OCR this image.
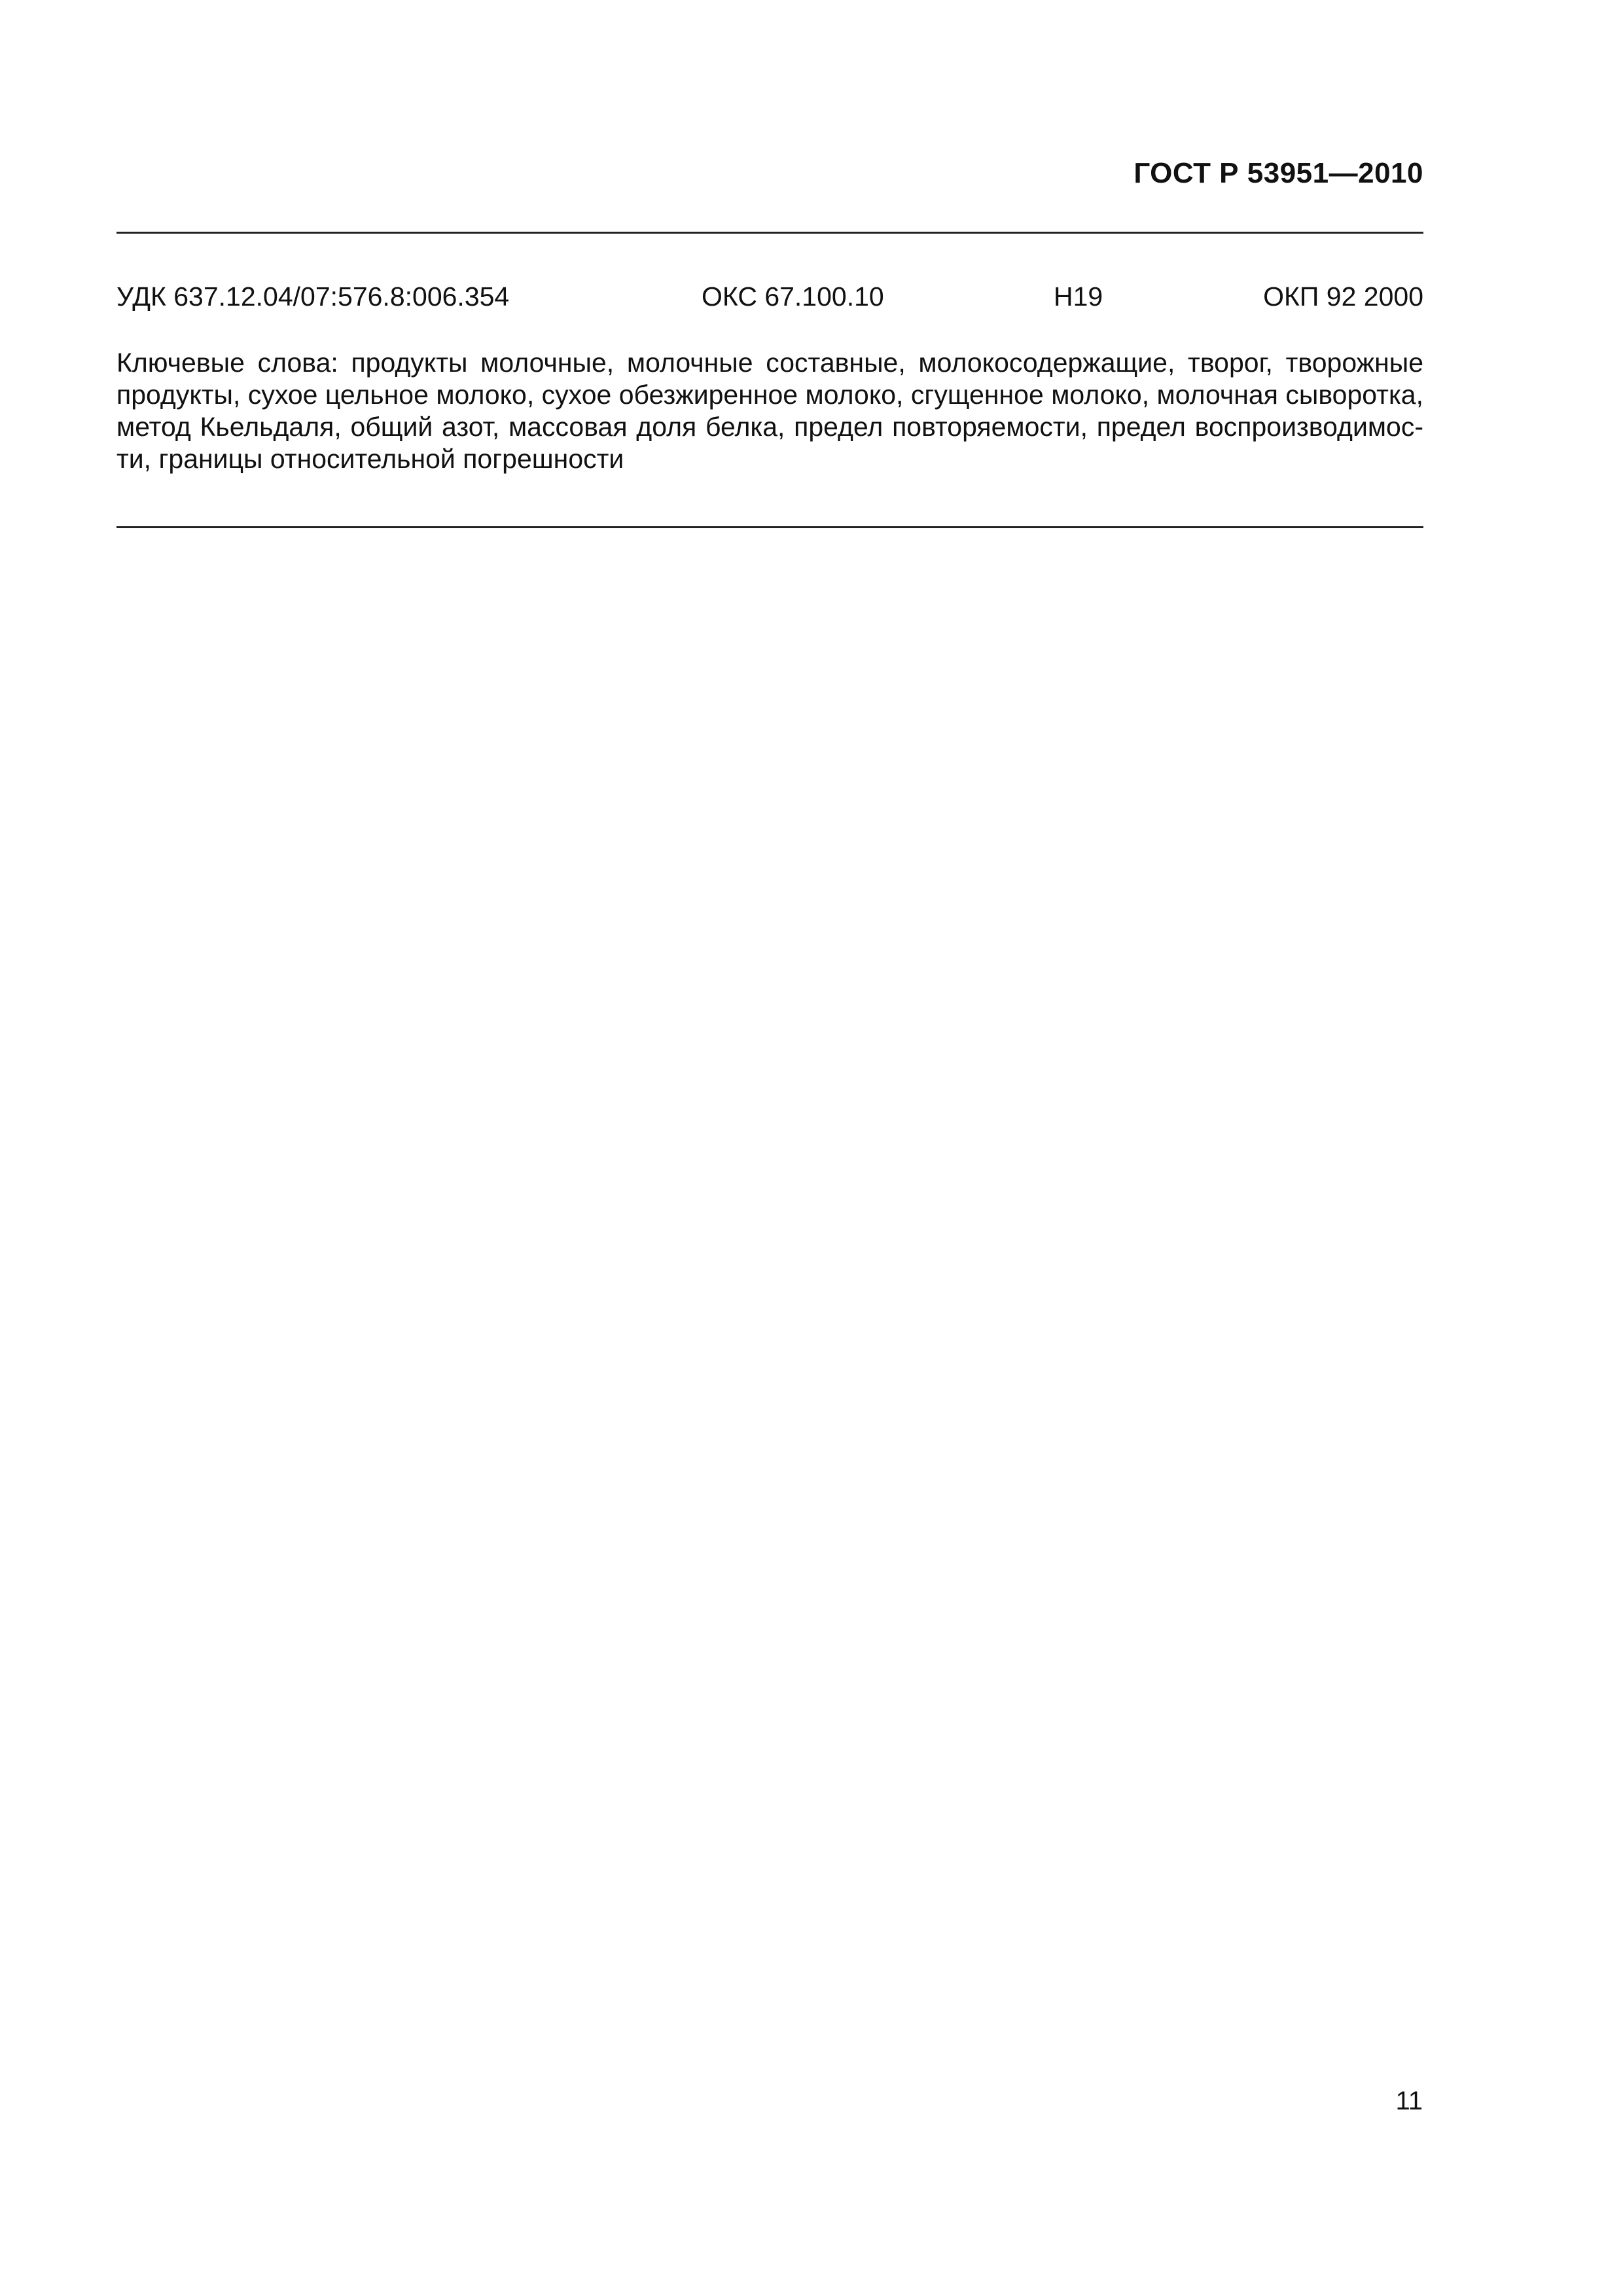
ГОСТ Р 53951—2010
УДК 637.12.04/07:576.8:006.354	ОКС 67.100.10	Н19	ОКП 92 2000
Ключевые слова: продукты молочные, молочные составные, молокосодержащие, творог, творожные продукты, сухое цельное молоко, сухое обезжиренное молоко, сгущенное молоко, молочная сыворотка, метод Кьельдаля, общий азот, массовая доля белка, предел повторяемости, предел воспроизводимос-ти, границы относительной погрешности
11
